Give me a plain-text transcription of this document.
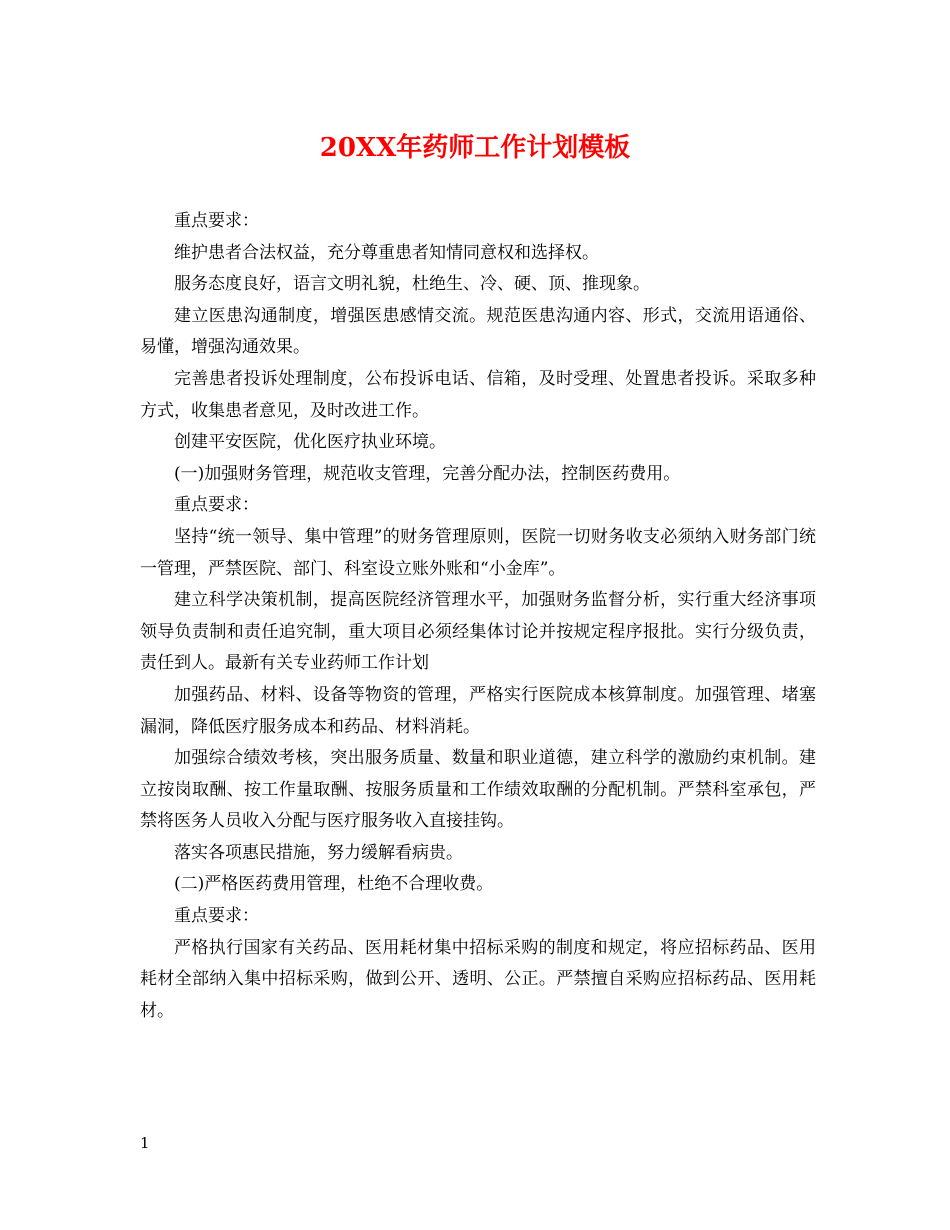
20XX年药师工作计划模板

重点要求：

维护患者合法权益，充分尊重患者知情同意权和选择权。

服务态度良好，语言文明礼貌，杜绝生、冷、硬、顶、推现象。

建立医患沟通制度，增强医患感情交流。规范医患沟通内容、形式，交流用语通俗、易懂，增强沟通效果。

完善患者投诉处理制度，公布投诉电话、信箱，及时受理、处置患者投诉。采取多种方式，收集患者意见，及时改进工作。

创建平安医院，优化医疗执业环境。

(一)加强财务管理，规范收支管理，完善分配办法，控制医药费用。

重点要求：

坚持“统一领导、集中管理”的财务管理原则，医院一切财务收支必须纳入财务部门统一管理，严禁医院、部门、科室设立账外账和“小金库”。

建立科学决策机制，提高医院经济管理水平，加强财务监督分析，实行重大经济事项领导负责制和责任追究制，重大项目必须经集体讨论并按规定程序报批。实行分级负责，责任到人。最新有关专业药师工作计划

加强药品、材料、设备等物资的管理，严格实行医院成本核算制度。加强管理、堵塞漏洞，降低医疗服务成本和药品、材料消耗。

加强综合绩效考核，突出服务质量、数量和职业道德，建立科学的激励约束机制。建立按岗取酬、按工作量取酬、按服务质量和工作绩效取酬的分配机制。严禁科室承包，严禁将医务人员收入分配与医疗服务收入直接挂钩。

落实各项惠民措施，努力缓解看病贵。

(二)严格医药费用管理，杜绝不合理收费。

重点要求：

严格执行国家有关药品、医用耗材集中招标采购的制度和规定，将应招标药品、医用耗材全部纳入集中招标采购，做到公开、透明、公正。严禁擅自采购应招标药品、医用耗材。

1
